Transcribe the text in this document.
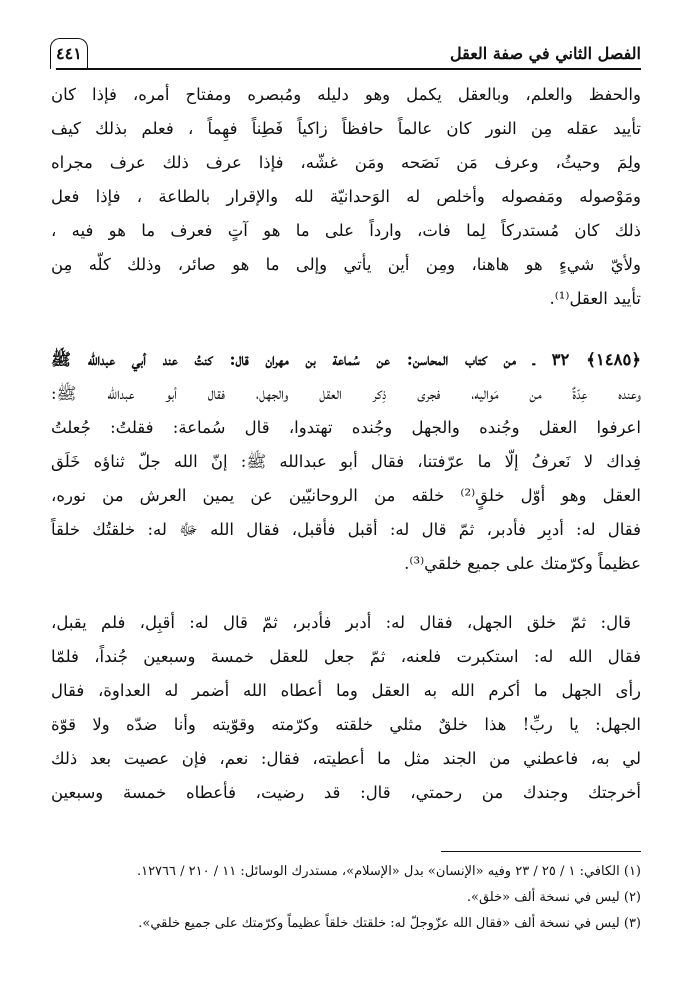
الفصل الثاني في صفة العقل
٤٤١
والحفظ والعلم، وبالعقل يكمل وهو دليله ومُبصره ومفتاح أمره، فإذا كان
تأييد عقله مِن النور كان عالماً حافظاً زاكياً فَطِناً فهِماً ، فعلم بذلك كيف
ولِمَ وحيثُ، وعرف مَن نَصَحه ومَن غشّه، فإذا عرف ذلك عرف مجراه
ومَوْصوله ومَفصوله وأخلص له الوَحدانيّة لله والإقرار بالطاعة ، فإذا فعل
ذلك كان مُستدركاً لِما فات، وارداً على ما هو آتٍ فعرف ما هو فيه ،
ولأيّ شيءٍ هو هاهنا، ومِن أين يأتي وإلى ما هو صائر، وذلك كلّه مِن
تأييد العقل⁽¹⁾.
﴿١٤٨٥﴾ ٣٢ ـ من كتاب المحاسن: عن سُماعة بن مهران قال: كنتُ عند أبي عبدالله ﷺ
وعنده عِدّةٌ من مَواليه، فجرى ذِكر العقل والجهل، فقال أبو عبدالله ﷺ:
اعرفوا العقل وجُنده والجهل وجُنده تهتدوا، قال سُماعة: فقلتُ: جُعلتُ
فِداك لا نَعرفُ إلّا ما عرّفتنا، فقال أبو عبدالله ﷺ: إنّ الله جلّ ثناؤه خَلَق
العقل وهو أوّل خلقٍ⁽²⁾ خلقه من الروحانيّين عن يمين العرش من نوره،
فقال له: أدبِر فأدبر، ثمّ قال له: أقبل فأقبل، فقال الله ﷻ له: خلقتُك خلقاً
عظيماً وكرّمتك على جميع خلقي⁽³⁾.
قال: ثمّ خلق الجهل، فقال له: أدبر فأدبر، ثمّ قال له: أقبِل، فلم يقبل،
فقال الله له: استكبرت فلعنه، ثمّ جعل للعقل خمسة وسبعين جُنداً، فلمّا
رأى الجهل ما أكرم الله به العقل وما أعطاه الله أضمر له العداوة، فقال
الجهل: يا ربِّ! هذا خلقٌ مثلي خلقته وكرّمته وقوّيته وأنا ضدّه ولا قوّة
لي به، فاعطني من الجند مثل ما أعطيته، فقال: نعم، فإن عصيت بعد ذلك
أخرجتك وجندك من رحمتي، قال: قد رضيت، فأعطاه خمسة وسبعين
(١) الكافي: ١ / ٢٥ / ٢٣ وفيه «الإنسان» بدل «الإسلام»، مستدرك الوسائل: ١١ / ٢١٠ / ١٢٧٦٦.
(٢) ليس في نسخة ألف «خلق».
(٣) ليس في نسخة ألف «فقال الله عزّوجلّ له: خلقتك خلقاً عظيماً وكرّمتك على جميع خلقي».
